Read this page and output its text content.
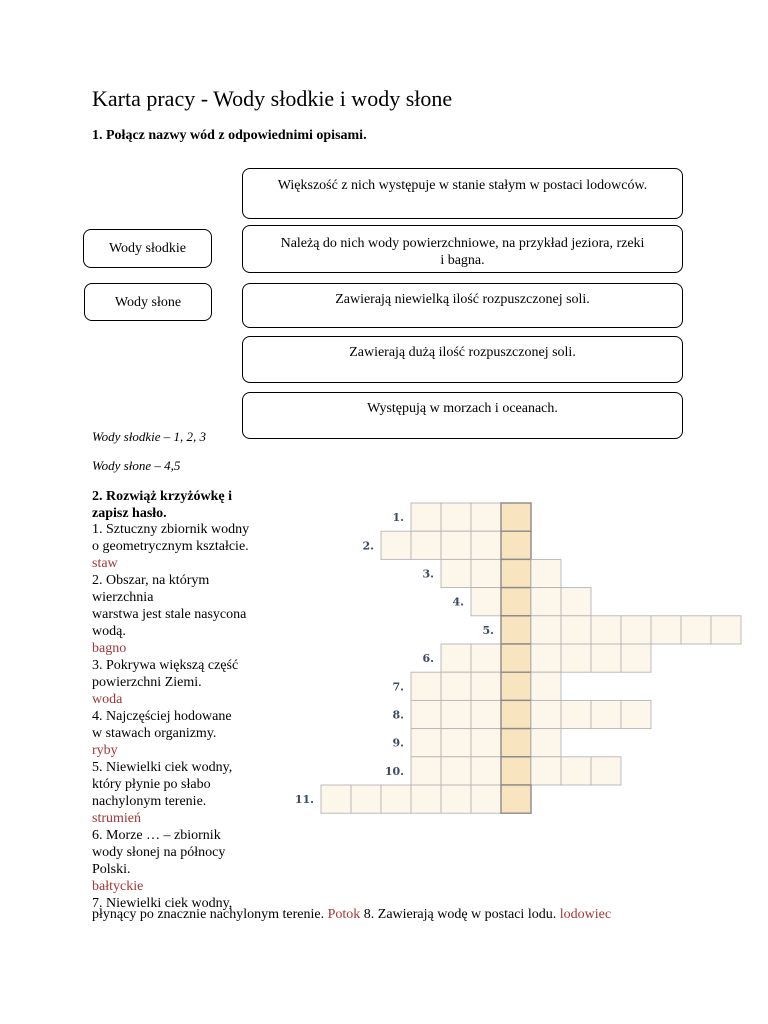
Karta pracy - Wody słodkie i wody słone
1. Połącz nazwy wód z odpowiednimi opisami.
Wody słodkie
Wody słone
Większość z nich występuje w stanie stałym w postaci lodowców.
Należą do nich wody powierzchniowe, na przykład jeziora, rzeki
i bagna.
Zawierają niewielką ilość rozpuszczonej soli.
Zawierają dużą ilość rozpuszczonej soli.
Występują w morzach i oceanach.
Wody słodkie – 1, 2, 3
Wody słone – 4,5
2. Rozwiąż krzyżówkę i zapisz hasło.

1. Sztuczny zbiornik wodny

o geometrycznym kształcie.

staw

2. Obszar, na którym

wierzchnia

warstwa jest stale nasycona

wodą.

bagno

3. Pokrywa większą część

powierzchni Ziemi.

woda

4. Najczęściej hodowane

w stawach organizmy.

ryby

5. Niewielki ciek wodny,

który płynie po słabo

nachylonym terenie.

strumień

6. Morze … – zbiornik

wody słonej na północy

Polski.

bałtyckie

7. Niewielki ciek wodny,

płynący po znacznie nachylonym terenie. Potok 8. Zawierają wodę w postaci lodu. lodowiec
1.
2.
3.
4.
5.
6.
7.
8.
9.
10.
11.
